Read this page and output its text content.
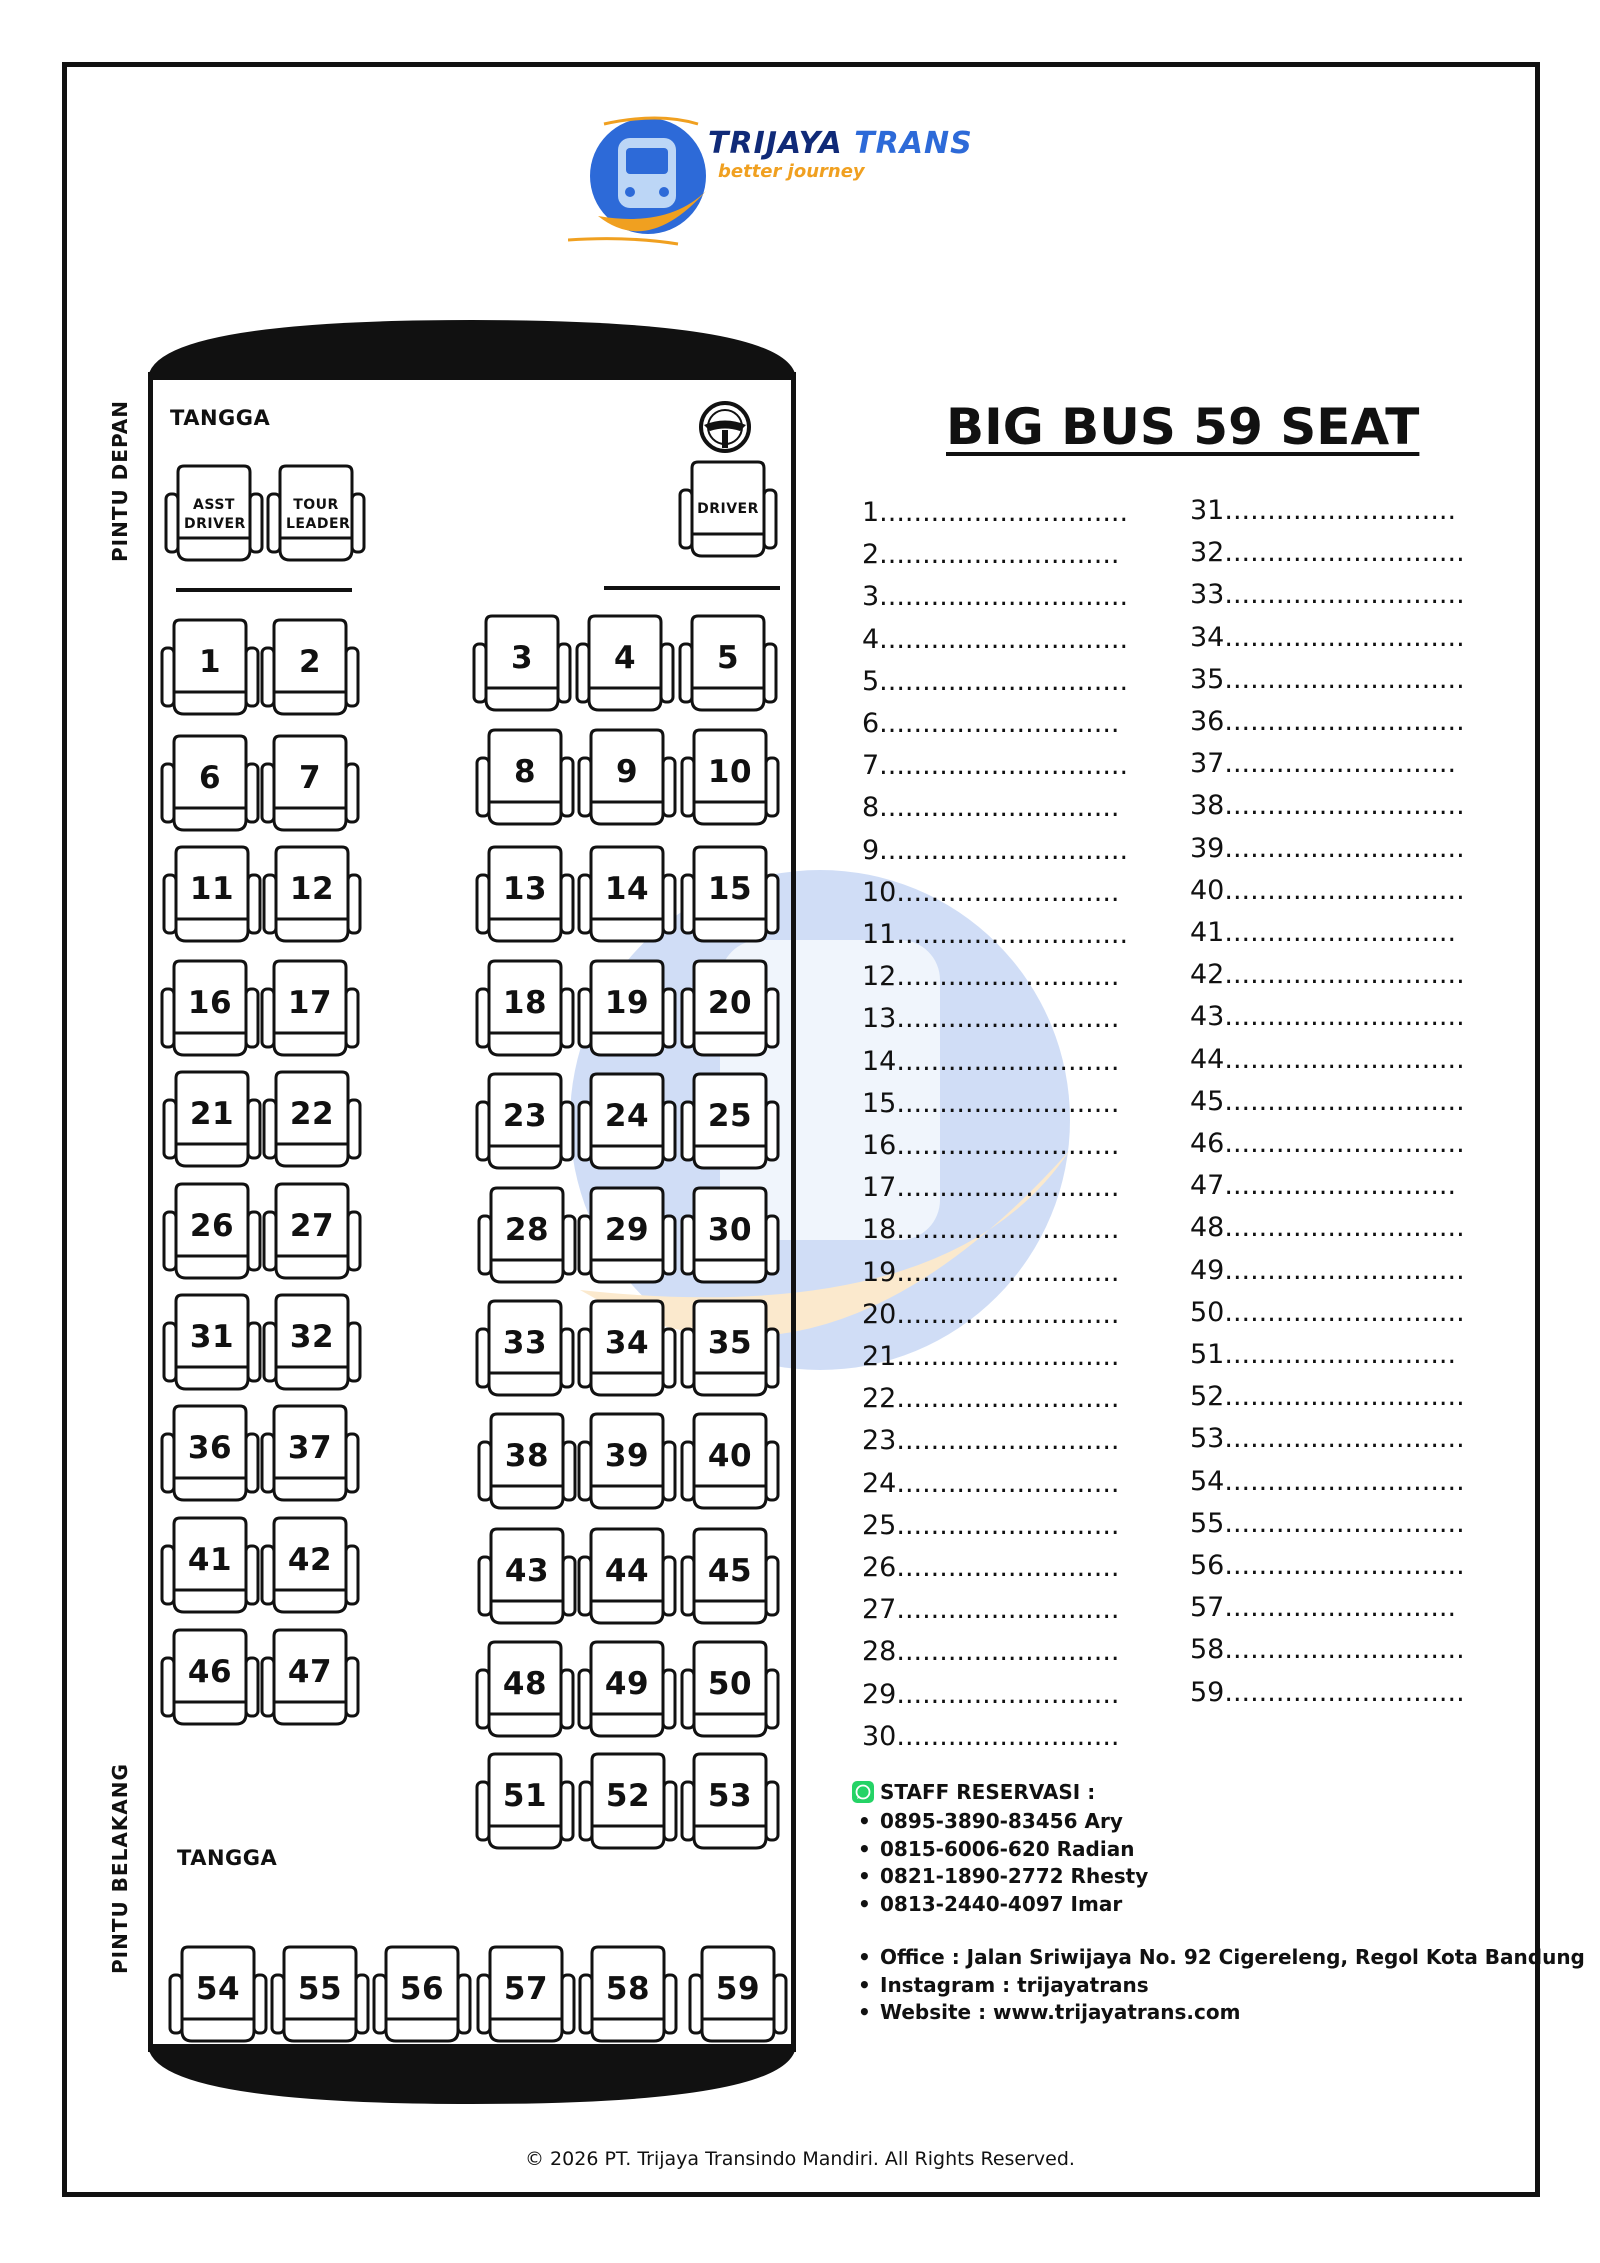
TRIJAYA TRANS
better journey
PINTU DEPAN
PINTU BELAKANG
TANGGA
TANGGA
1	2	3	4	5
6	7	8	9	10
11	12	13	14	15
16	17	18	19	20
21	22	23	24	25
26	27	28	29	30
31	32	33	34	35
36	37	38	39	40
41	42	43	44	45
46	47	48	49	50
51	52	53
54	55	56	57	58	59
ASST DRIVER
TOUR LEADER
DRIVER
BIG BUS 59 SEAT
1.............................
2............................
3.............................
4.............................
5.............................
6............................
7.............................
8............................
9.............................
10..........................
11...........................
12..........................
13..........................
14..........................
15..........................
16..........................
17..........................
18..........................
19..........................
20..........................
21..........................
22..........................
23..........................
24..........................
25..........................
26..........................
27..........................
28..........................
29..........................
30..........................
31...........................
32............................
33............................
34............................
35............................
36............................
37...........................
38............................
39............................
40............................
41...........................
42............................
43............................
44............................
45............................
46............................
47...........................
48............................
49............................
50............................
51...........................
52............................
53............................
54............................
55............................
56............................
57...........................
58............................
59............................
STAFF RESERVASI :
• 0895-3890-83456 Ary
• 0815-6006-620 Radian
• 0821-1890-2772 Rhesty
• 0813-2440-4097 Imar
• Office : Jalan Sriwijaya No. 92 Cigereleng, Regol Kota Bandung
• Instagram : trijayatrans
• Website : www.trijayatrans.com
© 2026 PT. Trijaya Transindo Mandiri. All Rights Reserved.
